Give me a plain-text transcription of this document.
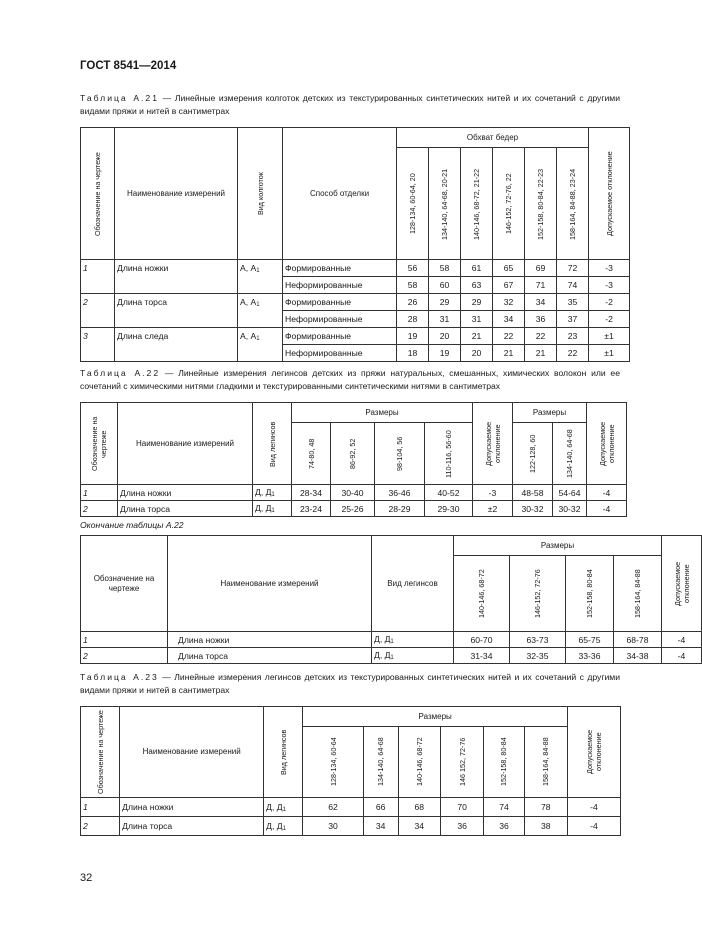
ГОСТ 8541—2014
Таблица А.21 — Линейные измерения колготок детских из текстурированных синтетических нитей и их сочетаний с другими видами пряжи и нитей в сантиметрах
Обозначение на чертеже	Наименование измерений	Вид колготок	Способ отделки	Обхват бедер						Допускаемое отклонение

				128-134, 60-64, 20	134-140, 64-68, 20-21	140-146, 68-72, 21-22	146-152, 72-76, 22	152-158, 80-84, 22-23	158-164, 84-88, 23-24	

1	Длина ножки	А, $А_1$	Формированные	56	58	61	65	69	72	-3
			Неформированные	58	60	63	67	71	74	-3
2	Длина торса	А, $А_1$	Формированные	26	29	29	32	34	35	-2
			Неформированные	28	31	31	34	36	37	-2
3	Длина следа	А, $А_1$	Формированные	19	20	21	22	22	23	±1
			Неформированные	18	19	20	21	21	22	±1
Таблица А.22 — Линейные измерения легинсов детских из пряжи натуральных, смешанных, химических волокон или ее сочетаний с химическими нитями гладкими и текстурированными синтетическими нитями в сантиметрах
Обозначение на чертеже	Наименование измерений	Вид легинсов	Размеры				Допускаемое отклонение	Размеры		Допускаемое отклонение

			74-80, 48	86-92, 52	98-104, 56	110-116, 56-60		122-128, 60	134-140, 64-68	

1	Длина ножки	Д, $Д_1$	28-34	30-40	36-46	40-52	-3	48-58	54-64	-4
2	Длина торса	Д, $Д_1$	23-24	25-26	28-29	29-30	±2	30-32	30-32	-4
Окончание таблицы А.22
Обозначение на чертеже	Наименование измерений	Вид легинсов	Размеры				Допускаемое отклонение

			140-146, 68-72	146-152, 72-76	152-158, 80-84	158-164, 84-88	

1	Длина ножки	Д, $Д_1$	60-70	63-73	65-75	68-78	-4
2	Длина торса	Д, $Д_1$	31-34	32-35	33-36	34-38	-4
Таблица А.23 — Линейные измерения легинсов детских из текстурированных синтетических нитей и их сочетаний с другими видами пряжи и нитей в сантиметрах
Обозначение на чертеже	Наименование измерений	Вид легинсов	Размеры						Допускаемое отклонение

			128-134, 60-64	134-140, 64-68	140-146, 68-72	146 152, 72-76	152-158, 80-84	158-164, 84-88	

1	Длина ножки	Д, $Д_1$	62	66	68	70	74	78	-4
2	Длина торса	Д, $Д_1$	30	34	34	36	36	38	-4
32
